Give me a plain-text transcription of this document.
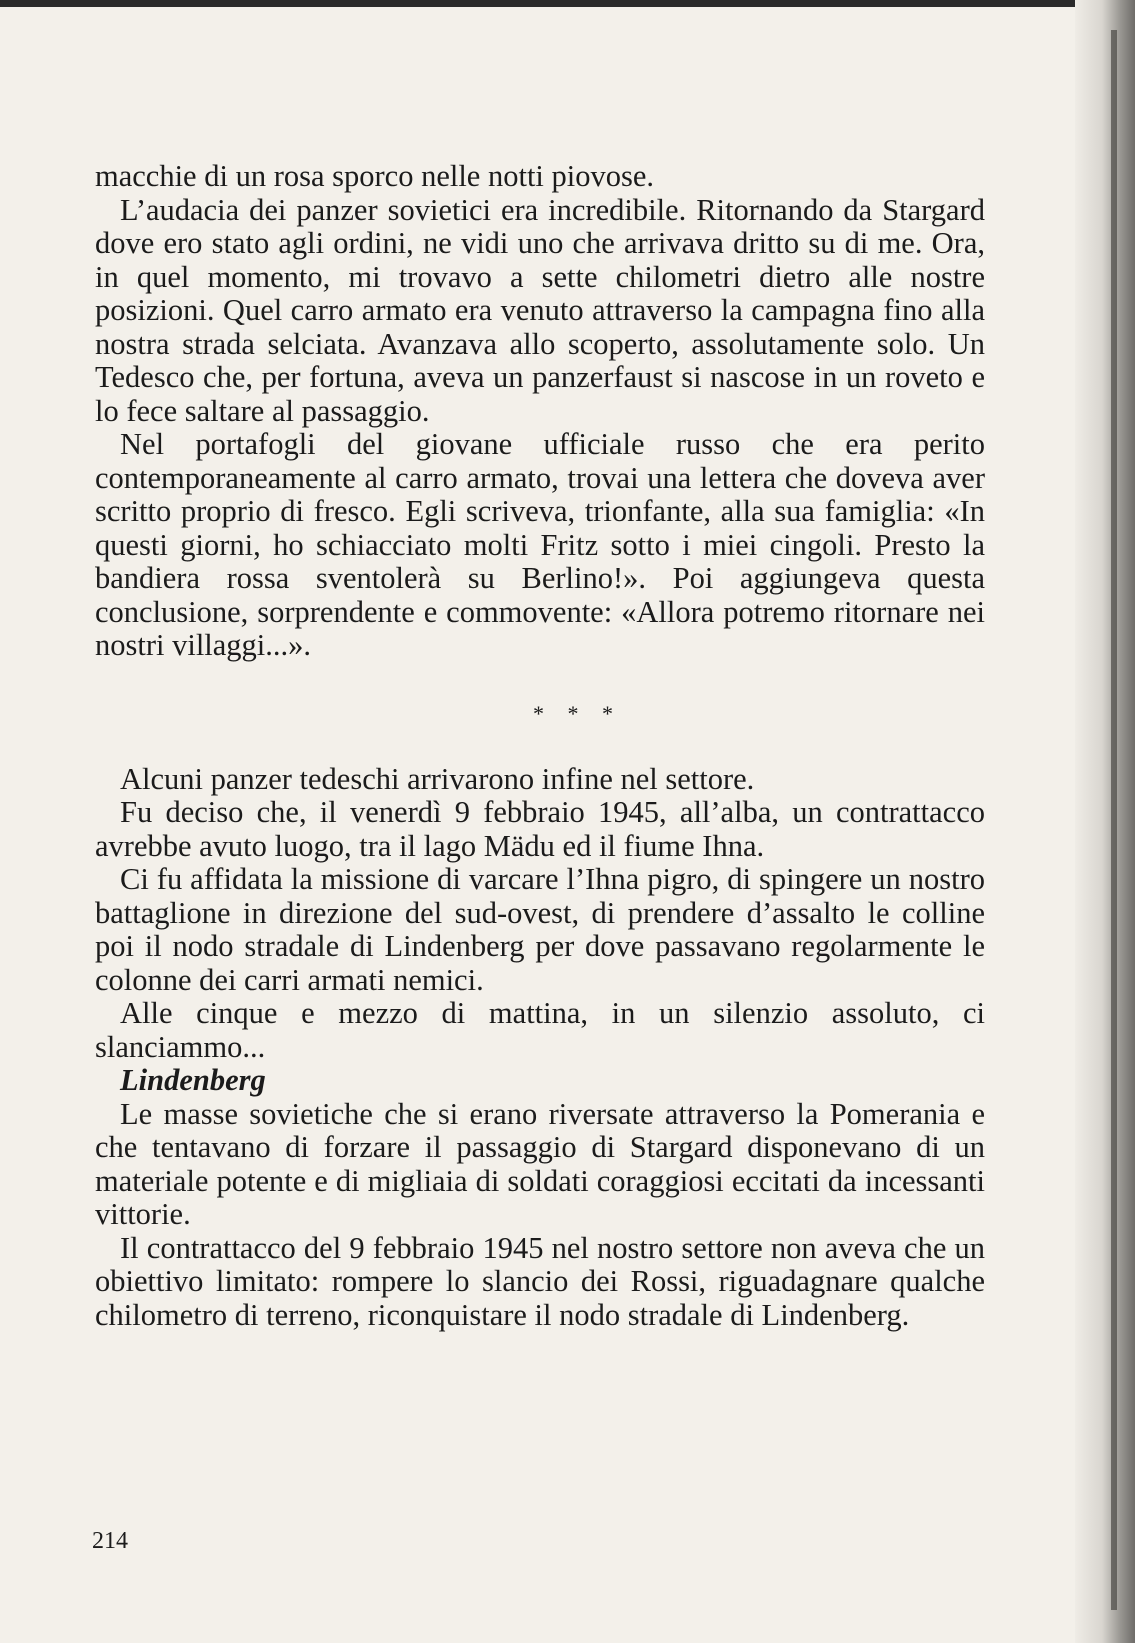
macchie di un rosa sporco nelle notti piovose.

L’audacia dei panzer sovietici era incredibile. Ritornando da Stargard dove ero stato agli ordini, ne vidi uno che arrivava dritto su di me. Ora, in quel momento, mi trovavo a sette chilometri dietro alle nostre posizioni. Quel carro armato era venuto attraverso la campagna fino alla nostra strada selciata. Avanzava allo scoperto, assolutamente solo. Un Tedesco che, per fortuna, aveva un panzerfaust si nascose in un roveto e lo fece saltare al passaggio.

Nel portafogli del giovane ufficiale russo che era perito contemporaneamente al carro armato, trovai una lettera che doveva aver scritto proprio di fresco. Egli scriveva, trionfante, alla sua famiglia: «In questi giorni, ho schiacciato molti Fritz sotto i miei cingoli. Presto la bandiera rossa sventolerà su Berlino!». Poi aggiungeva questa conclusione, sorprendente e commovente: «Allora potremo ritornare nei nostri villaggi...».

* * *

Alcuni panzer tedeschi arrivarono infine nel settore.

Fu deciso che, il venerdì 9 febbraio 1945, all’alba, un contrattacco avrebbe avuto luogo, tra il lago Mädu ed il fiume Ihna.

Ci fu affidata la missione di varcare l’Ihna pigro, di spingere un nostro battaglione in direzione del sud-ovest, di prendere d’assalto le colline poi il nodo stradale di Lindenberg per dove passavano regolarmente le colonne dei carri armati nemici.

Alle cinque e mezzo di mattina, in un silenzio assoluto, ci slanciammo...

Lindenberg

Le masse sovietiche che si erano riversate attraverso la Pomerania e che tentavano di forzare il passaggio di Stargard disponevano di un materiale potente e di migliaia di soldati coraggiosi eccitati da incessanti vittorie.

Il contrattacco del 9 febbraio 1945 nel nostro settore non aveva che un obiettivo limitato: rompere lo slancio dei Rossi, riguadagnare qualche chilometro di terreno, riconquistare il nodo stradale di Lindenberg.

214
